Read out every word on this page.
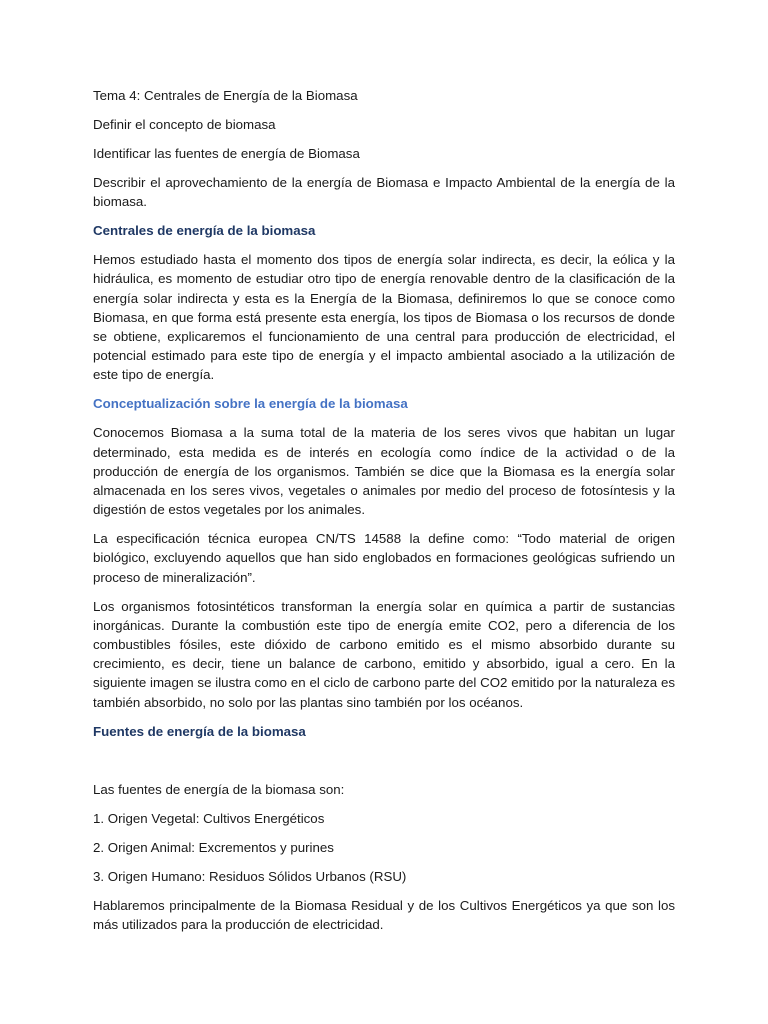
Tema 4: Centrales de Energía de la Biomasa

Definir el concepto de biomasa

Identificar las fuentes de energía de Biomasa

Describir el aprovechamiento de la energía de Biomasa e Impacto Ambiental de la energía de la biomasa.

Centrales de energía de la biomasa

Hemos estudiado hasta el momento dos tipos de energía solar indirecta, es decir, la eólica y la hidráulica, es momento de estudiar otro tipo de energía renovable dentro de la clasificación de la energía solar indirecta y esta es la Energía de la Biomasa, definiremos lo que se conoce como Biomasa, en que forma está presente esta energía, los tipos de Biomasa o los recursos de donde se obtiene, explicaremos el funcionamiento de una central para producción de electricidad, el potencial estimado para este tipo de energía y el impacto ambiental asociado a la utilización de este tipo de energía.

Conceptualización sobre la energía de la biomasa

Conocemos Biomasa a la suma total de la materia de los seres vivos que habitan un lugar determinado, esta medida es de interés en ecología como índice de la actividad o de la producción de energía de los organismos. También se dice que la Biomasa es la energía solar almacenada en los seres vivos, vegetales o animales por medio del proceso de fotosíntesis y la digestión de estos vegetales por los animales.

La especificación técnica europea CN/TS 14588 la define como: “Todo material de origen biológico, excluyendo aquellos que han sido englobados en formaciones geológicas sufriendo un proceso de mineralización”.

Los organismos fotosintéticos transforman la energía solar en química a partir de sustancias inorgánicas. Durante la combustión este tipo de energía emite CO2, pero a diferencia de los combustibles fósiles, este dióxido de carbono emitido es el mismo absorbido durante su crecimiento, es decir, tiene un balance de carbono, emitido y absorbido, igual a cero. En la siguiente imagen se ilustra como en el ciclo de carbono parte del CO2 emitido por la naturaleza es también absorbido, no solo por las plantas sino también por los océanos.

Fuentes de energía de la biomasa

Las fuentes de energía de la biomasa son:

1. Origen Vegetal: Cultivos Energéticos

2. Origen Animal: Excrementos y purines

3. Origen Humano: Residuos Sólidos Urbanos (RSU)

Hablaremos principalmente de la Biomasa Residual y de los Cultivos Energéticos ya que son los más utilizados para la producción de electricidad.
